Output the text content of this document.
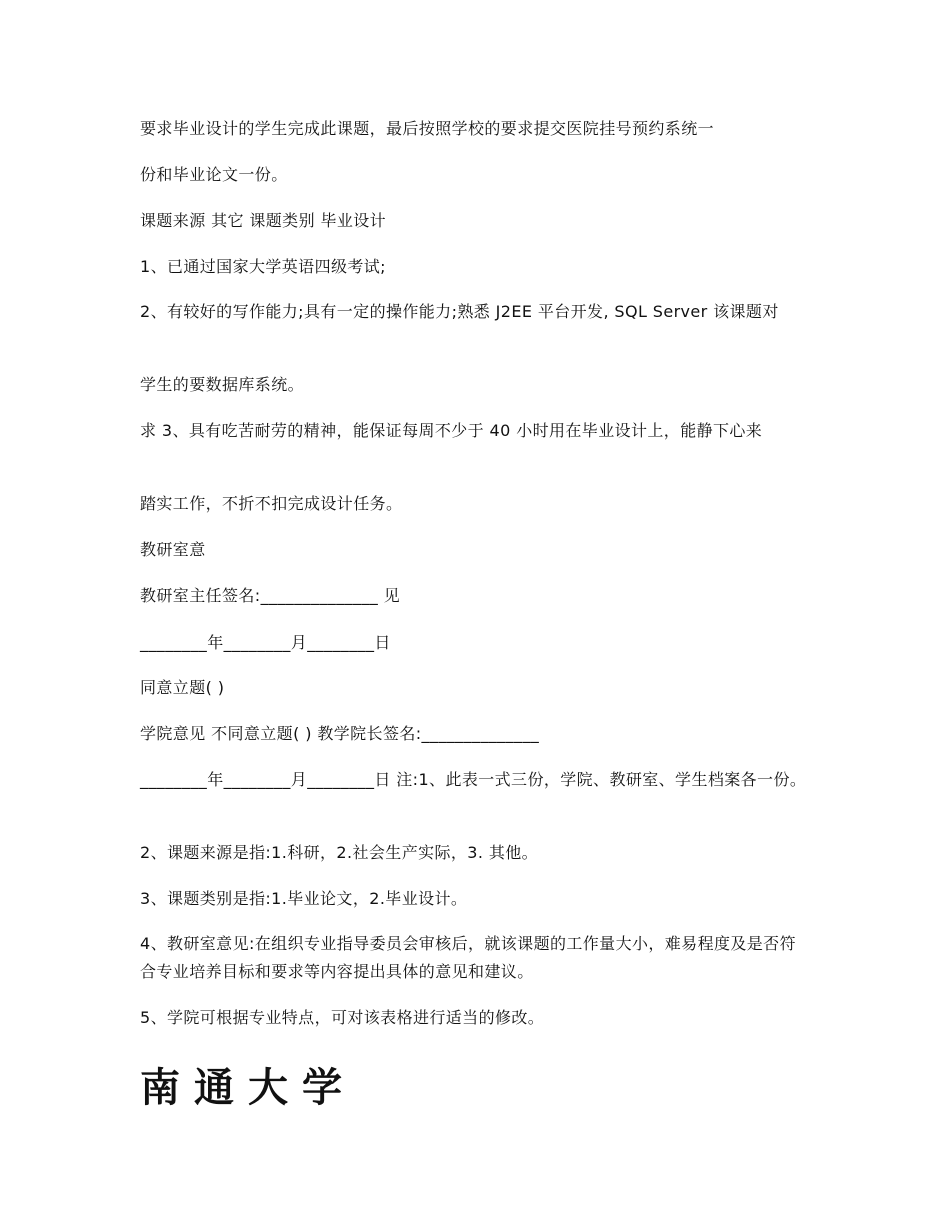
要求毕业设计的学生完成此课题，最后按照学校的要求提交医院挂号预约系统一

份和毕业论文一份。

课题来源 其它 课题类别 毕业设计

1、已通过国家大学英语四级考试;

2、有较好的写作能力;具有一定的操作能力;熟悉 J2EE 平台开发, SQL Server 该课题对

学生的要数据库系统。

求 3、具有吃苦耐劳的精神，能保证每周不少于 40 小时用在毕业设计上，能静下心来

踏实工作，不折不扣完成设计任务。

教研室意

教研室主任签名:______________ 见

________年________月________日

同意立题( )

学院意见 不同意立题( ) 教学院长签名:______________

________年________月________日 注:1、此表一式三份，学院、教研室、学生档案各一份。

2、课题来源是指:1.科研，2.社会生产实际，3. 其他。

3、课题类别是指:1.毕业论文，2.毕业设计。

4、教研室意见:在组织专业指导委员会审核后，就该课题的工作量大小，难易程度及是否符合专业培养目标和要求等内容提出具体的意见和建议。

5、学院可根据专业特点，可对该表格进行适当的修改。

南通大学
